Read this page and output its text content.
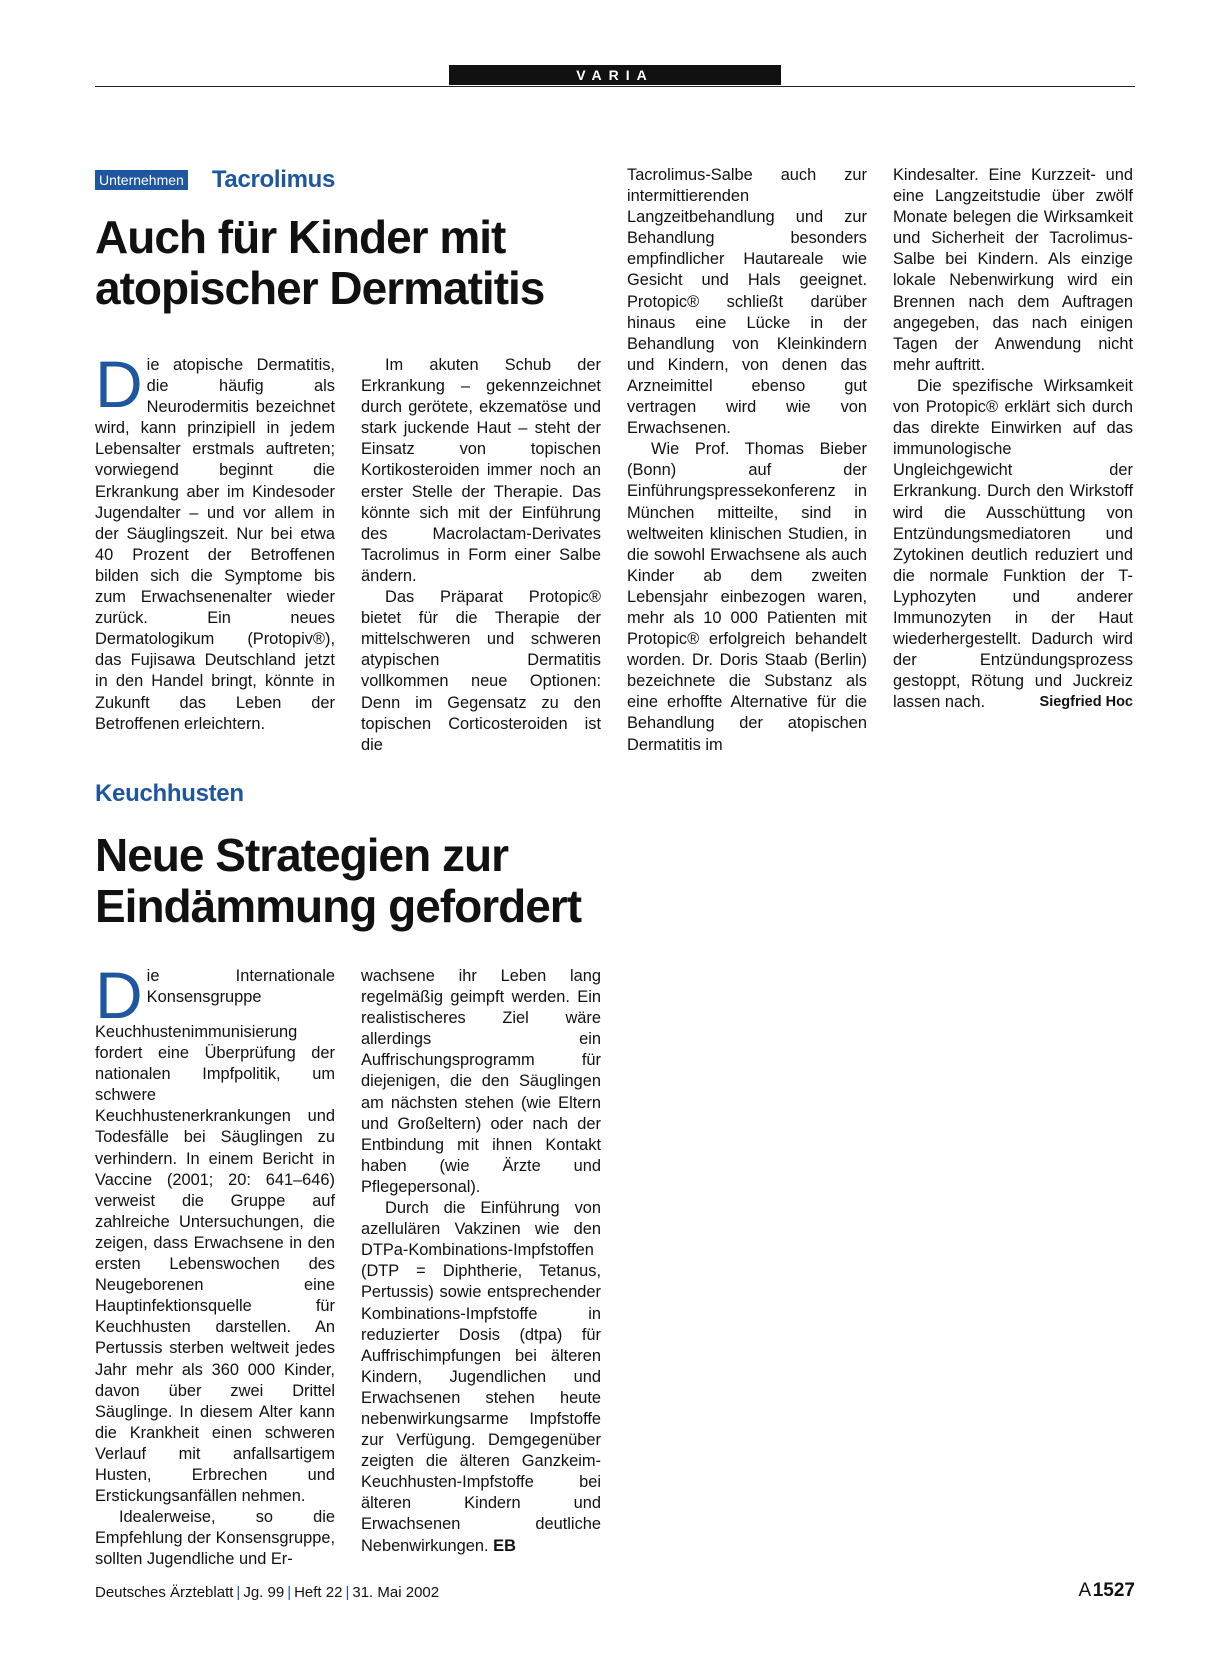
VARIA
Unternehmen Tacrolimus
Auch für Kinder mit
atopischer Dermatitis

Die atopische Dermatitis, die häufig als Neurodermitis bezeichnet wird, kann prinzipiell in jedem Lebensalter erstmals auftreten; vorwiegend beginnt die Erkrankung aber im Kindesoder Jugendalter – und vor allem in der Säuglingszeit. Nur bei etwa 40 Prozent der Betroffenen bilden sich die Symptome bis zum Erwachsenenalter wieder zurück. Ein neues Dermatologikum (Protopiv®), das Fujisawa Deutschland jetzt in den Handel bringt, könnte in Zukunft das Leben der Betroffenen erleichtern.

Im akuten Schub der Erkrankung – gekennzeichnet durch gerötete, ekzematöse und stark juckende Haut – steht der Einsatz von topischen Kortikosteroiden immer noch an erster Stelle der Therapie. Das könnte sich mit der Einführung des Macrolactam-Derivates Tacrolimus in Form einer Salbe ändern.

Das Präparat Protopic® bietet für die Therapie der mittelschweren und schweren atypischen Dermatitis vollkommen neue Optionen: Denn im Gegensatz zu den topischen Corticosteroiden ist die

Tacrolimus-Salbe auch zur intermittierenden Langzeitbehandlung und zur Behandlung besonders empfindlicher Hautareale wie Gesicht und Hals geeignet. Protopic® schließt darüber hinaus eine Lücke in der Behandlung von Kleinkindern und Kindern, von denen das Arzneimittel ebenso gut vertragen wird wie von Erwachsenen.

Wie Prof. Thomas Bieber (Bonn) auf der Einführungspressekonferenz in München mitteilte, sind in weltweiten klinischen Studien, in die sowohl Erwachsene als auch Kinder ab dem zweiten Lebensjahr einbezogen waren, mehr als 10 000 Patienten mit Protopic® erfolgreich behandelt worden. Dr. Doris Staab (Berlin) bezeichnete die Substanz als eine erhoffte Alternative für die Behandlung der atopischen Dermatitis im

Kindesalter. Eine Kurzzeit- und eine Langzeitstudie über zwölf Monate belegen die Wirksamkeit und Sicherheit der Tacrolimus-Salbe bei Kindern. Als einzige lokale Nebenwirkung wird ein Brennen nach dem Auftragen angegeben, das nach einigen Tagen der Anwendung nicht mehr auftritt.

Die spezifische Wirksamkeit von Protopic® erklärt sich durch das direkte Einwirken auf das immunologische Ungleichgewicht der Erkrankung. Durch den Wirkstoff wird die Ausschüttung von Entzündungsmediatoren und Zytokinen deutlich reduziert und die normale Funktion der T-Lyphozyten und anderer Immunozyten in der Haut wiederhergestellt. Dadurch wird der Entzündungsprozess gestoppt, Rötung und Juckreiz lassen nach.	Siegfried Hoc

Keuchhusten
Neue Strategien zur
Eindämmung gefordert

Die Internationale Konsensgruppe Keuchhustenimmunisierung fordert eine Überprüfung der nationalen Impfpolitik, um schwere Keuchhustenerkrankungen und Todesfälle bei Säuglingen zu verhindern. In einem Bericht in Vaccine (2001; 20: 641–646) verweist die Gruppe auf zahlreiche Untersuchungen, die zeigen, dass Erwachsene in den ersten Lebenswochen des Neugeborenen eine Hauptinfektionsquelle für Keuchhusten darstellen. An Pertussis sterben weltweit jedes Jahr mehr als 360 000 Kinder, davon über zwei Drittel Säuglinge. In diesem Alter kann die Krankheit einen schweren Verlauf mit anfallsartigem Husten, Erbrechen und Erstickungsanfällen nehmen.

Idealerweise, so die Empfehlung der Konsensgruppe, sollten Jugendliche und Er-

wachsene ihr Leben lang regelmäßig geimpft werden. Ein realistischeres Ziel wäre allerdings ein Auffrischungsprogramm für diejenigen, die den Säuglingen am nächsten stehen (wie Eltern und Großeltern) oder nach der Entbindung mit ihnen Kontakt haben (wie Ärzte und Pflegepersonal).

Durch die Einführung von azellulären Vakzinen wie den DTPa-Kombinations-Impfstoffen (DTP = Diphtherie, Tetanus, Pertussis) sowie entsprechender Kombinations-Impfstoffe in reduzierter Dosis (dtpa) für Auffrischimpfungen bei älteren Kindern, Jugendlichen und Erwachsenen stehen heute nebenwirkungsarme Impfstoffe zur Verfügung. Demgegenüber zeigten die älteren Ganzkeim-Keuchhusten-Impfstoffe bei älteren Kindern und Erwachsenen deutliche Nebenwirkungen. EB

Deutsches Ärzteblatt | Jg. 99 | Heft 22 | 31. Mai 2002	A 1527
